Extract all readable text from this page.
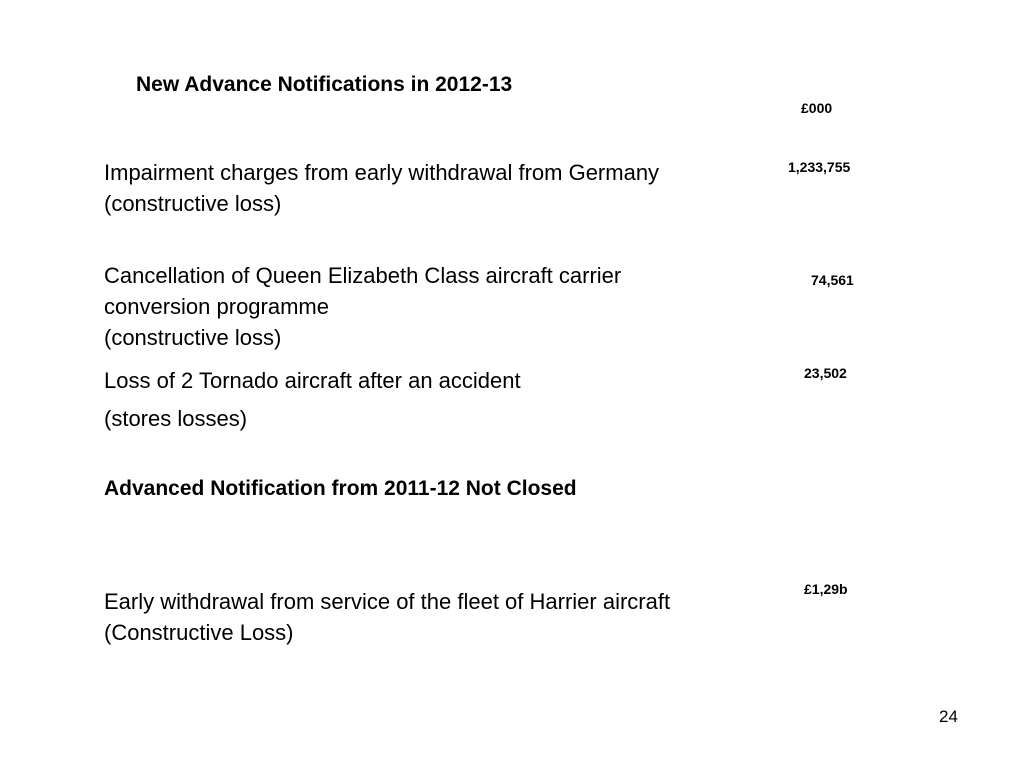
New Advance Notifications in 2012-13
£000
Impairment charges from early withdrawal from Germany
(constructive loss)
1,233,755
Cancellation of Queen Elizabeth Class aircraft carrier
conversion programme
(constructive loss)
74,561
Loss of 2 Tornado aircraft after an accident
(stores losses)
23,502
Advanced Notification from 2011-12 Not Closed
Early withdrawal from service of the fleet of Harrier aircraft
(Constructive Loss)
£1,29b
24
